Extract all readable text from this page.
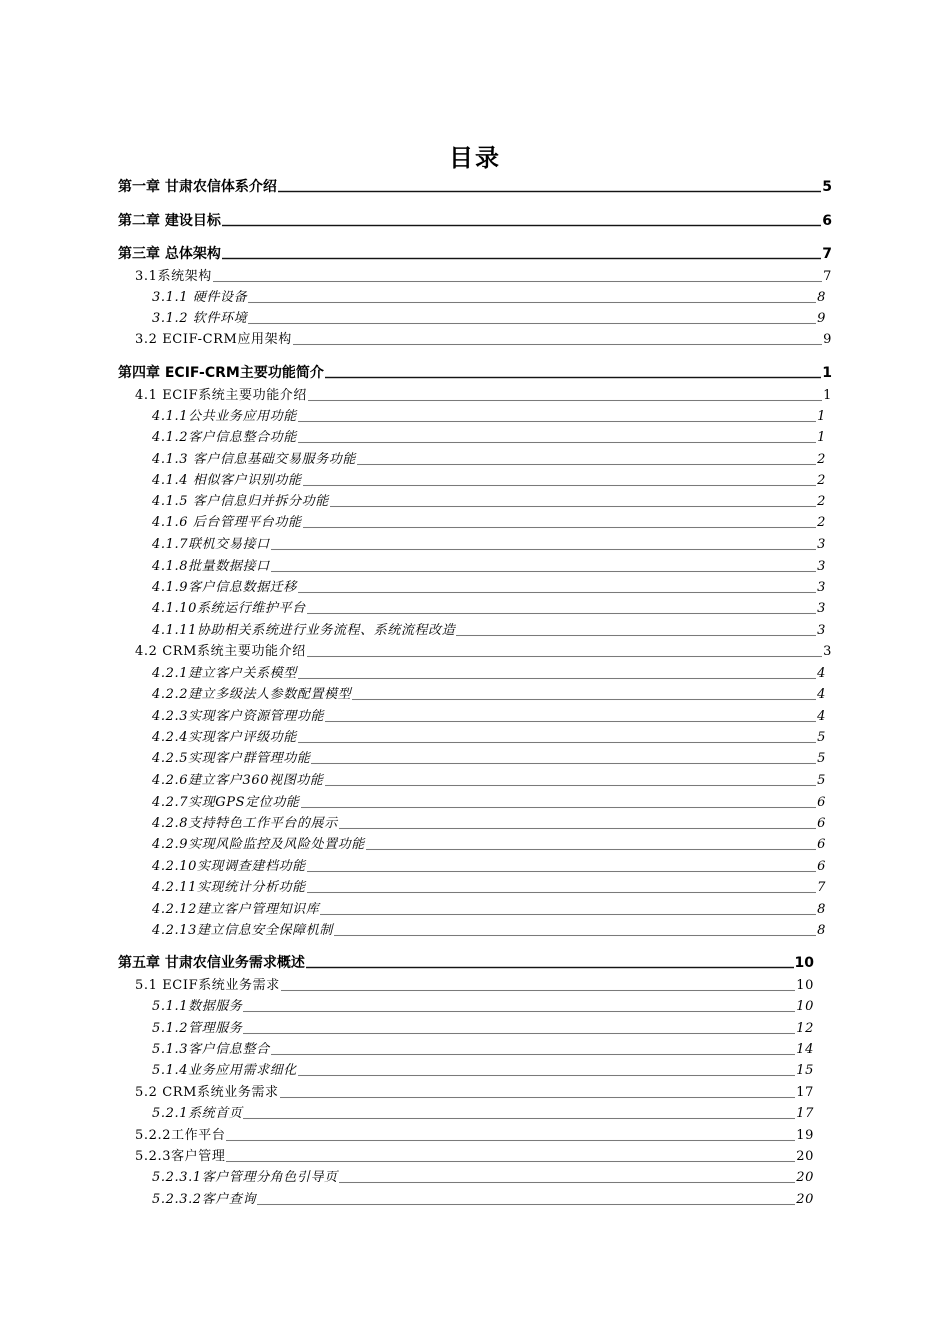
目录
第一章 甘肃农信体系介绍	5
第二章 建设目标	6
第三章 总体架构	7
3.1系统架构	7
3.1.1 硬件设备	8
3.1.2 软件环境	9
3.2 ECIF-CRM应用架构	9
第四章 ECIF-CRM主要功能简介	1
4.1 ECIF系统主要功能介绍	1
4.1.1公共业务应用功能	1
4.1.2客户信息整合功能	1
4.1.3 客户信息基础交易服务功能	2
4.1.4 相似客户识别功能	2
4.1.5 客户信息归并拆分功能	2
4.1.6 后台管理平台功能	2
4.1.7联机交易接口	3
4.1.8批量数据接口	3
4.1.9客户信息数据迁移	3
4.1.10系统运行维护平台	3
4.1.11协助相关系统进行业务流程、系统流程改造	3
4.2 CRM系统主要功能介绍	3
4.2.1建立客户关系模型	4
4.2.2建立多级法人参数配置模型	4
4.2.3实现客户资源管理功能	4
4.2.4实现客户评级功能	5
4.2.5实现客户群管理功能	5
4.2.6建立客户360视图功能	5
4.2.7实现GPS定位功能	6
4.2.8支持特色工作平台的展示	6
4.2.9实现风险监控及风险处置功能	6
4.2.10实现调查建档功能	6
4.2.11实现统计分析功能	7
4.2.12建立客户管理知识库	8
4.2.13建立信息安全保障机制	8
第五章 甘肃农信业务需求概述	10
5.1 ECIF系统业务需求	10
5.1.1数据服务	10
5.1.2管理服务	12
5.1.3客户信息整合	14
5.1.4业务应用需求细化	15
5.2 CRM系统业务需求	17
5.2.1系统首页	17
5.2.2工作平台	19
5.2.3客户管理	20
5.2.3.1客户管理分角色引导页	20
5.2.3.2客户查询	20
